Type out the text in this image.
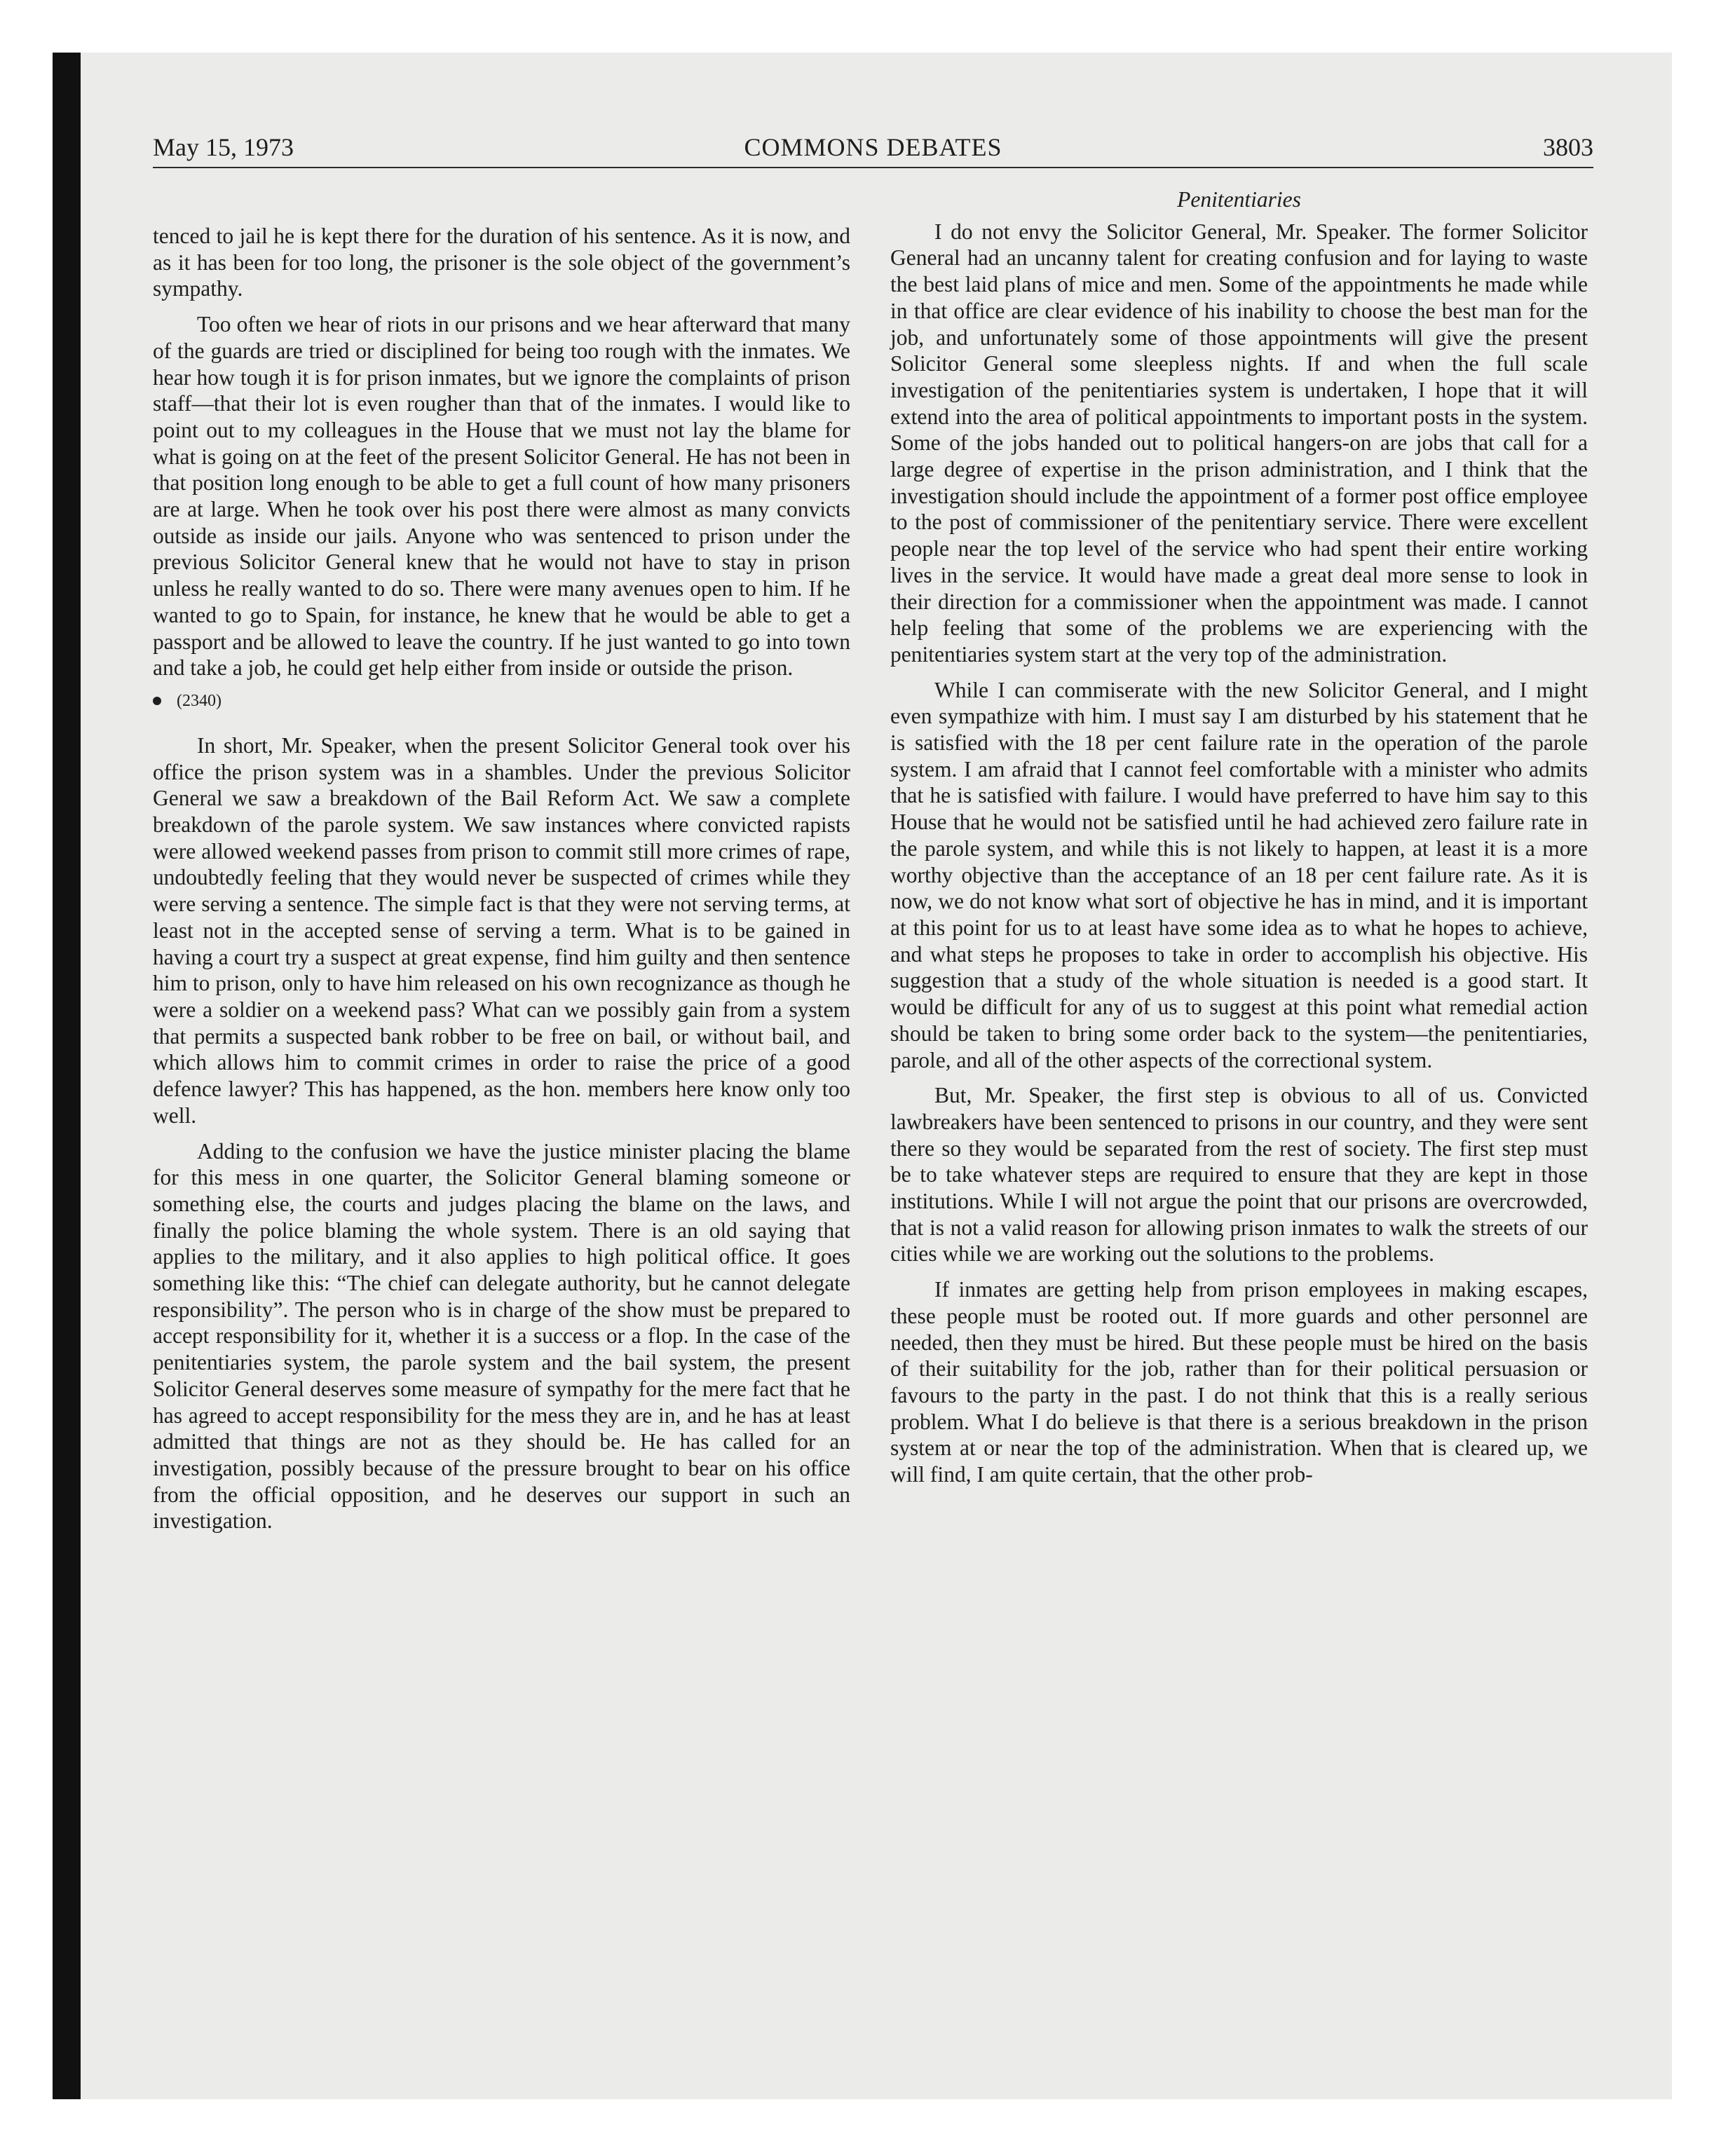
May 15, 1973	COMMONS DEBATES	3803

tenced to jail he is kept there for the duration of his sentence. As it is now, and as it has been for too long, the prisoner is the sole object of the government’s sympathy.

Too often we hear of riots in our prisons and we hear afterward that many of the guards are tried or disciplined for being too rough with the inmates. We hear how tough it is for prison inmates, but we ignore the complaints of prison staff—that their lot is even rougher than that of the inmates. I would like to point out to my colleagues in the House that we must not lay the blame for what is going on at the feet of the present Solicitor General. He has not been in that position long enough to be able to get a full count of how many prisoners are at large. When he took over his post there were almost as many convicts outside as inside our jails. Anyone who was sentenced to prison under the previous Solicitor General knew that he would not have to stay in prison unless he really wanted to do so. There were many avenues open to him. If he wanted to go to Spain, for instance, he knew that he would be able to get a passport and be allowed to leave the country. If he just wanted to go into town and take a job, he could get help either from inside or outside the prison.

(2340)

In short, Mr. Speaker, when the present Solicitor General took over his office the prison system was in a shambles. Under the previous Solicitor General we saw a breakdown of the Bail Reform Act. We saw a complete breakdown of the parole system. We saw instances where convicted rapists were allowed weekend passes from prison to commit still more crimes of rape, undoubtedly feeling that they would never be suspected of crimes while they were serving a sentence. The simple fact is that they were not serving terms, at least not in the accepted sense of serving a term. What is to be gained in having a court try a suspect at great expense, find him guilty and then sentence him to prison, only to have him released on his own recognizance as though he were a soldier on a weekend pass? What can we possibly gain from a system that permits a suspected bank robber to be free on bail, or without bail, and which allows him to commit crimes in order to raise the price of a good defence lawyer? This has happened, as the hon. members here know only too well.

Adding to the confusion we have the justice minister placing the blame for this mess in one quarter, the Solicitor General blaming someone or something else, the courts and judges placing the blame on the laws, and finally the police blaming the whole system. There is an old saying that applies to the military, and it also applies to high political office. It goes something like this: “The chief can delegate authority, but he cannot delegate responsibility”. The person who is in charge of the show must be prepared to accept responsibility for it, whether it is a success or a flop. In the case of the penitentiaries system, the parole system and the bail system, the present Solicitor General deserves some measure of sympathy for the mere fact that he has agreed to accept responsibility for the mess they are in, and he has at least admitted that things are not as they should be. He has called for an investigation, possibly because of the pressure brought to bear on his office from the official opposition, and he deserves our support in such an investigation.

Penitentiaries

I do not envy the Solicitor General, Mr. Speaker. The former Solicitor General had an uncanny talent for creating confusion and for laying to waste the best laid plans of mice and men. Some of the appointments he made while in that office are clear evidence of his inability to choose the best man for the job, and unfortunately some of those appointments will give the present Solicitor General some sleepless nights. If and when the full scale investigation of the penitentiaries system is undertaken, I hope that it will extend into the area of political appointments to important posts in the system. Some of the jobs handed out to political hangers-on are jobs that call for a large degree of expertise in the prison administration, and I think that the investigation should include the appointment of a former post office employee to the post of commissioner of the penitentiary service. There were excellent people near the top level of the service who had spent their entire working lives in the service. It would have made a great deal more sense to look in their direction for a commissioner when the appointment was made. I cannot help feeling that some of the problems we are experiencing with the penitentiaries system start at the very top of the administration.

While I can commiserate with the new Solicitor General, and I might even sympathize with him. I must say I am disturbed by his statement that he is satisfied with the 18 per cent failure rate in the operation of the parole system. I am afraid that I cannot feel comfortable with a minister who admits that he is satisfied with failure. I would have preferred to have him say to this House that he would not be satisfied until he had achieved zero failure rate in the parole system, and while this is not likely to happen, at least it is a more worthy objective than the acceptance of an 18 per cent failure rate. As it is now, we do not know what sort of objective he has in mind, and it is important at this point for us to at least have some idea as to what he hopes to achieve, and what steps he proposes to take in order to accomplish his objective. His suggestion that a study of the whole situation is needed is a good start. It would be difficult for any of us to suggest at this point what remedial action should be taken to bring some order back to the system—the penitentiaries, parole, and all of the other aspects of the correctional system.

But, Mr. Speaker, the first step is obvious to all of us. Convicted lawbreakers have been sentenced to prisons in our country, and they were sent there so they would be separated from the rest of society. The first step must be to take whatever steps are required to ensure that they are kept in those institutions. While I will not argue the point that our prisons are overcrowded, that is not a valid reason for allowing prison inmates to walk the streets of our cities while we are working out the solutions to the problems.

If inmates are getting help from prison employees in making escapes, these people must be rooted out. If more guards and other personnel are needed, then they must be hired. But these people must be hired on the basis of their suitability for the job, rather than for their political persuasion or favours to the party in the past. I do not think that this is a really serious problem. What I do believe is that there is a serious breakdown in the prison system at or near the top of the administration. When that is cleared up, we will find, I am quite certain, that the other prob-
